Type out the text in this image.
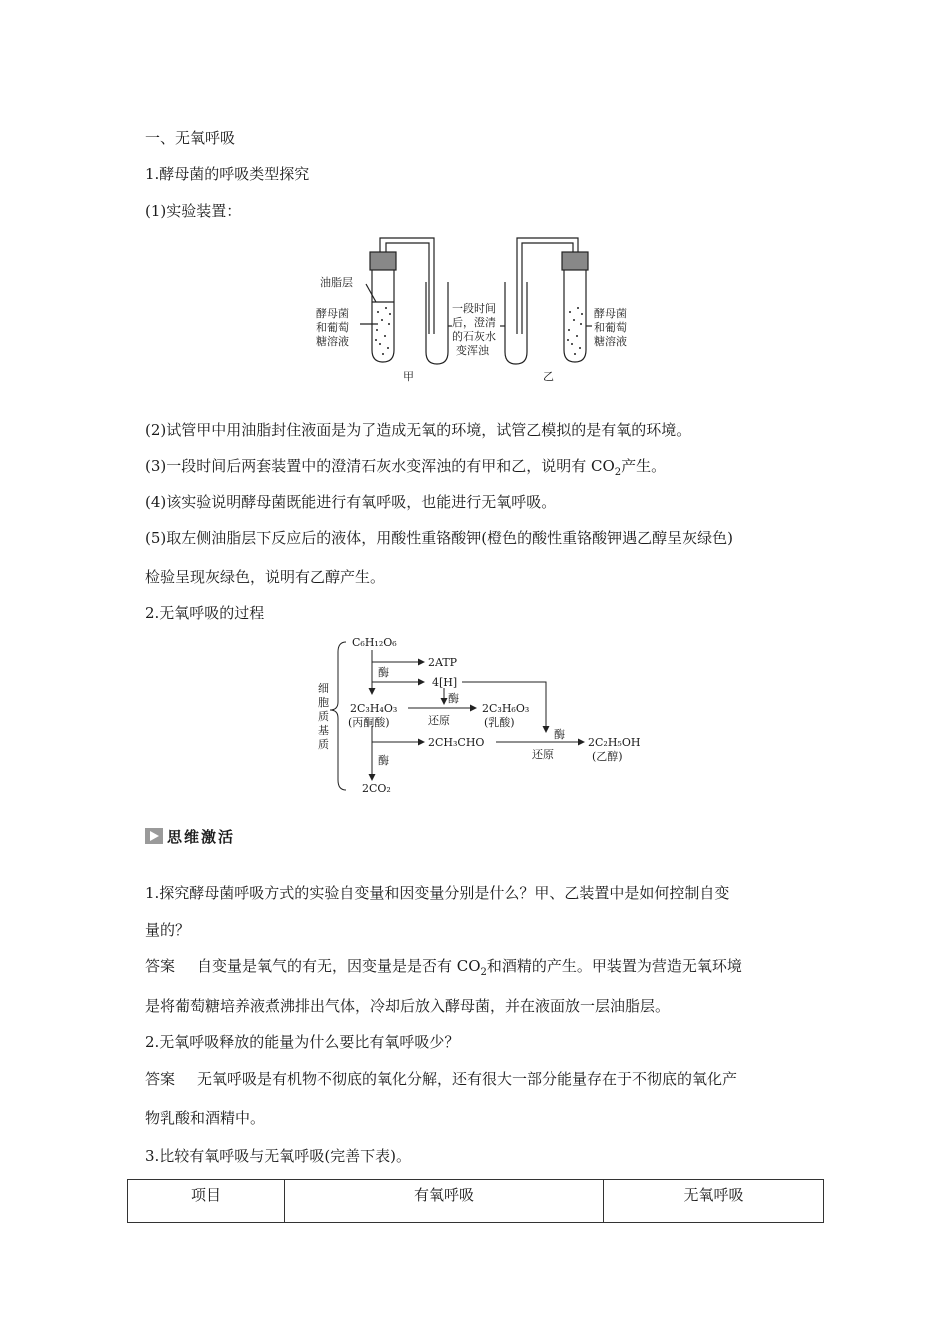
一、无氧呼吸
1.酵母菌的呼吸类型探究
(1)实验装置：
油脂层
酵母菌
和葡萄
糖溶液
一段时间
后，澄清
的石灰水
变浑浊
酵母菌
和葡萄
糖溶液
甲	乙
(2)试管甲中用油脂封住液面是为了造成无氧的环境，试管乙模拟的是有氧的环境。
(3)一段时间后两套装置中的澄清石灰水变浑浊的有甲和乙，说明有 $CO_2$产生。
(4)该实验说明酵母菌既能进行有氧呼吸，也能进行无氧呼吸。
(5)取左侧油脂层下反应后的液体，用酸性重铬酸钾(橙色的酸性重铬酸钾遇乙醇呈灰绿色)
检验呈现灰绿色，说明有乙醇产生。
2.无氧呼吸的过程
C₆H₁₂O₆
酶
2ATP
4[H]
酶
2C₃H₄O₃
(丙酮酸)	还原
2C₃H₆O₃
(乳酸)
酶
2CH₃CHO
酶	还原
2C₂H₅OH
(乙醇)
2CO₂
细
胞
质
基
质
思维激活
1.探究酵母菌呼吸方式的实验自变量和因变量分别是什么？甲、乙装置中是如何控制自变
量的？
答案 自变量是氧气的有无，因变量是是否有 $CO_2$和酒精的产生。甲装置为营造无氧环境
是将葡萄糖培养液煮沸排出气体，冷却后放入酵母菌，并在液面放一层油脂层。
2.无氧呼吸释放的能量为什么要比有氧呼吸少？
答案 无氧呼吸是有机物不彻底的氧化分解，还有很大一部分能量存在于不彻底的氧化产
物乳酸和酒精中。
3.比较有氧呼吸与无氧呼吸(完善下表)。
项目	有氧呼吸	无氧呼吸
